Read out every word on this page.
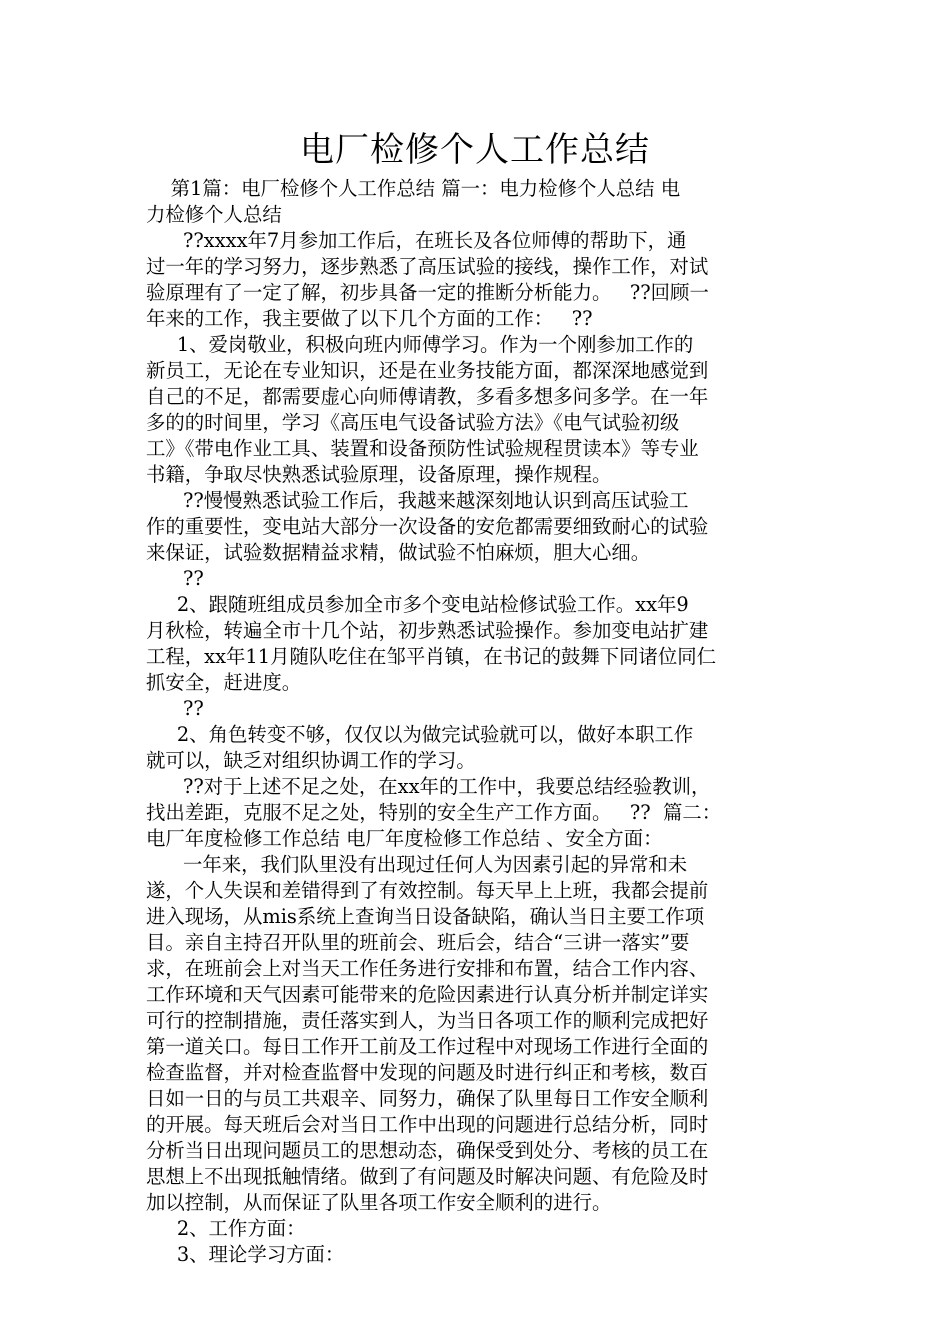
电厂检修个人工作总结
第1篇：电厂检修个人工作总结 篇一：电力检修个人总结 电
力检修个人总结
??xxxx年7月参加工作后，在班长及各位师傅的帮助下，通
过一年的学习努力，逐步熟悉了高压试验的接线，操作工作，对试
验原理有了一定了解，初步具备一定的推断分析能力。   ??回顾一
年来的工作，我主要做了以下几个方面的工作：   ??
1、爱岗敬业，积极向班内师傅学习。作为一个刚参加工作的
新员工，无论在专业知识，还是在业务技能方面，都深深地感觉到
自己的不足，都需要虚心向师傅请教，多看多想多问多学。在一年
多的的时间里，学习《高压电气设备试验方法》《电气试验初级
工》《带电作业工具、装置和设备预防性试验规程贯读本》等专业
书籍，争取尽快熟悉试验原理，设备原理，操作规程。
??慢慢熟悉试验工作后，我越来越深刻地认识到高压试验工
作的重要性，变电站大部分一次设备的安危都需要细致耐心的试验
来保证，试验数据精益求精，做试验不怕麻烦，胆大心细。
??
2、跟随班组成员参加全市多个变电站检修试验工作。xx年9
月秋检，转遍全市十几个站，初步熟悉试验操作。参加变电站扩建
工程，xx年11月随队吃住在邹平肖镇，在书记的鼓舞下同诸位同仁
抓安全，赶进度。
??
2、角色转变不够，仅仅以为做完试验就可以，做好本职工作
就可以，缺乏对组织协调工作的学习。
??对于上述不足之处，在xx年的工作中，我要总结经验教训，
找出差距，克服不足之处，特别的安全生产工作方面。   ??  篇二：
电厂年度检修工作总结 电厂年度检修工作总结 、安全方面：
一年来，我们队里没有出现过任何人为因素引起的异常和未
遂，个人失误和差错得到了有效控制。每天早上上班，我都会提前
进入现场，从mis系统上查询当日设备缺陷，确认当日主要工作项
目。亲自主持召开队里的班前会、班后会，结合“三讲一落实”要
求，在班前会上对当天工作任务进行安排和布置，结合工作内容、
工作环境和天气因素可能带来的危险因素进行认真分析并制定详实
可行的控制措施，责任落实到人，为当日各项工作的顺利完成把好
第一道关口。每日工作开工前及工作过程中对现场工作进行全面的
检查监督，并对检查监督中发现的问题及时进行纠正和考核，数百
日如一日的与员工共艰辛、同努力，确保了队里每日工作安全顺利
的开展。每天班后会对当日工作中出现的问题进行总结分析，同时
分析当日出现问题员工的思想动态，确保受到处分、考核的员工在
思想上不出现抵触情绪。做到了有问题及时解决问题、有危险及时
加以控制，从而保证了队里各项工作安全顺利的进行。
2、工作方面：
3、理论学习方面：
